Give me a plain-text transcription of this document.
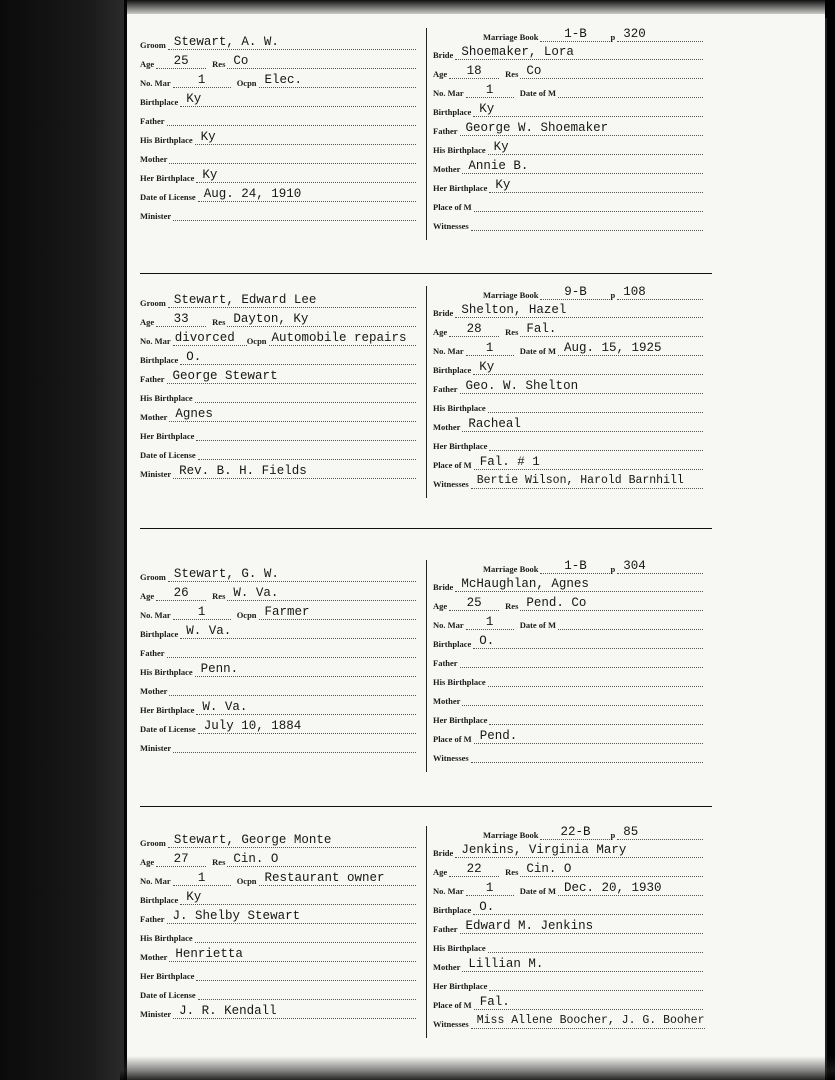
Groom Stewart, A. W.
Age	25	Res Co
No. Mar	1	Ocpn Elec.
Birthplace Ky
Father
His Birthplace Ky
Mother
Her Birthplace Ky
Date of License Aug. 24, 1910
Minister
Marriage Book	1-B	p 320
Bride Shoemaker, Lora
Age	18	Res Co
No. Mar	1	Date of M
Birthplace Ky
Father George W. Shoemaker
His Birthplace Ky
Mother Annie B.
Her Birthplace Ky
Place of M
Witnesses
Groom Stewart, Edward Lee
Age	33	Res Dayton, Ky
No. Mar divorced	Ocpn Automobile repairs
Birthplace O.
Father George Stewart
His Birthplace
Mother Agnes
Her Birthplace
Date of License
Minister Rev. B. H. Fields
Marriage Book	9-B	p 108
Bride Shelton, Hazel
Age	28	Res Fal.
No. Mar	1	Date of M Aug. 15, 1925
Birthplace Ky
Father Geo. W. Shelton
His Birthplace
Mother Racheal
Her Birthplace
Place of M Fal. # 1
Witnesses Bertie Wilson, Harold Barnhill
Groom Stewart, G. W.
Age	26	Res W. Va.
No. Mar	1	Ocpn Farmer
Birthplace W. Va.
Father
His Birthplace Penn.
Mother
Her Birthplace W. Va.
Date of License July 10, 1884
Minister
Marriage Book	1-B	p 304
Bride McHaughlan, Agnes
Age	25	Res Pend. Co
No. Mar	1	Date of M
Birthplace O.
Father
His Birthplace
Mother
Her Birthplace
Place of M Pend.
Witnesses
Groom Stewart, George Monte
Age	27	Res Cin. O
No. Mar	1	Ocpn Restaurant owner
Birthplace Ky
Father J. Shelby Stewart
His Birthplace
Mother Henrietta
Her Birthplace
Date of License
Minister J. R. Kendall
Marriage Book	22-B	p 85
Bride Jenkins, Virginia Mary
Age	22	Res Cin. O
No. Mar	1	Date of M Dec. 20, 1930
Birthplace O.
Father Edward M. Jenkins
His Birthplace
Mother Lillian M.
Her Birthplace
Place of M Fal.
Witnesses Miss Allene Boocher, J. G. Booher
